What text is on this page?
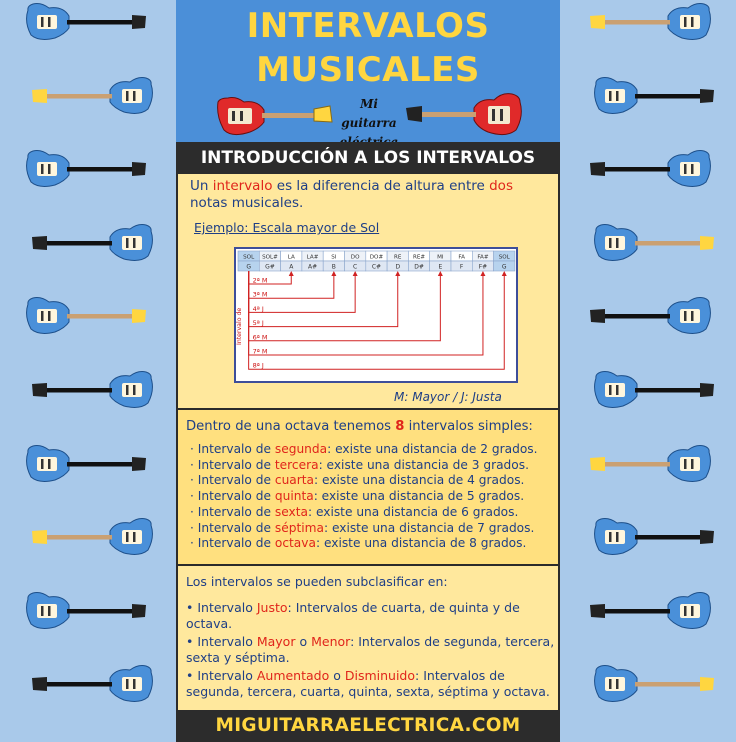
INTERVALOS
MUSICALES
Mi guitarra
INTRODUCCIÓN A LOS INTERVALOS
Un intervalo es la diferencia de altura entre dos
notas musicales.
Ejemplo: Escala mayor de Sol
SOL
G
SOL#
G#
LA
A
LA#
A#
SI
B
DO
C
DO#
C#
RE
D
RE#
D#
MI
E
FA
F
FA#
F#
SOL
G
2ª M
3ª M
4ª J
5ª J
6ª M
7ª M
8ª J
Intervalo de
M: Mayor / J: Justa
Dentro de una octava tenemos 8 intervalos simples:
· Intervalo de segunda: existe una distancia de 2 grados.
· Intervalo de tercera: existe una distancia de 3 grados.
· Intervalo de cuarta: existe una distancia de 4 grados.
· Intervalo de quinta: existe una distancia de 5 grados.
· Intervalo de sexta: existe una distancia de 6 grados.
· Intervalo de séptima: existe una distancia de 7 grados.
· Intervalo de octava: existe una distancia de 8 grados.
Los intervalos se pueden subclasificar en:
• Intervalo Justo: Intervalos de cuarta, de quinta y de
octava.
• Intervalo Mayor o Menor: Intervalos de segunda, tercera,
sexta y séptima.
• Intervalo Aumentado o Disminuido: Intervalos de
segunda, tercera, cuarta, quinta, sexta, séptima y octava.
MIGUITARRAELECTRICA.COM
